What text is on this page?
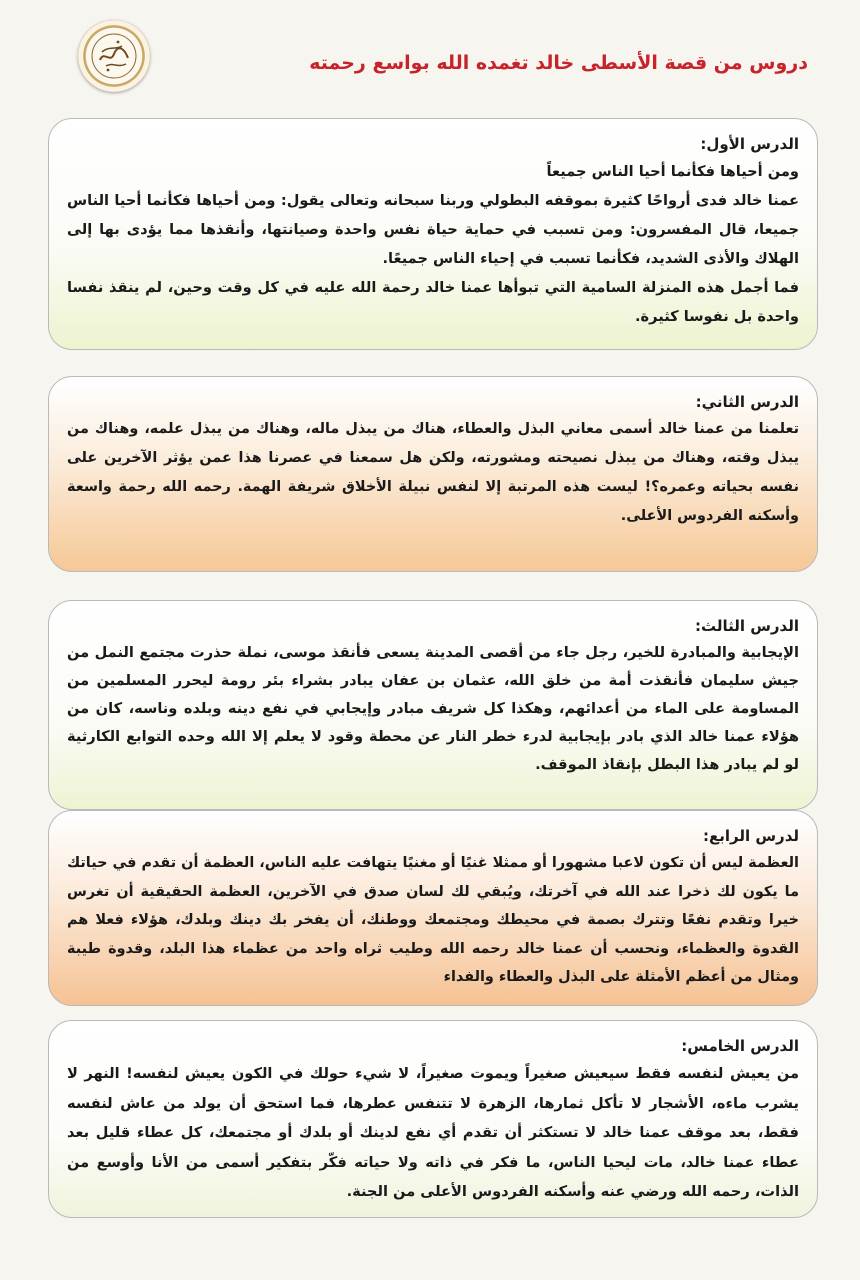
دروس من قصة الأسطى خالد تغمده الله بواسع رحمته
الدرس الأول:
ومن أحياها فكأنما أحيا الناس جميعاً
عمنا خالد فدى أرواحًا كثيرة بموقفه البطولي وربنا سبحانه وتعالى يقول: ومن أحياها فكأنما أحيا الناس جميعا، قال المفسرون: ومن تسبب في حماية حياة نفس واحدة وصيانتها، وأنقذها مما يؤدى بها إلى الهلاك والأذى الشديد، فكأنما تسبب في إحياء الناس جميعًا.
فما أجمل هذه المنزلة السامية التي تبوأها عمنا خالد رحمة الله عليه في كل وقت وحين، لم ينقذ نفسا واحدة بل نفوسا كثيرة.
الدرس الثاني:
تعلمنا من عمنا خالد أسمى معاني البذل والعطاء، هناك من يبذل ماله، وهناك من يبذل علمه، وهناك من يبذل وقته، وهناك من يبذل نصيحته ومشورته، ولكن هل سمعنا في عصرنا هذا عمن يؤثر الآخرين على نفسه بحياته وعمره؟! ليست هذه المرتبة إلا لنفس نبيلة الأخلاق شريفة الهمة. رحمه الله رحمة واسعة وأسكنه الفردوس الأعلى.
الدرس الثالث:
الإيجابية والمبادرة للخير، رجل جاء من أقصى المدينة يسعى فأنقذ موسى، نملة حذرت مجتمع النمل من جيش سليمان فأنقذت أمة من خلق الله، عثمان بن عفان يبادر بشراء بئر رومة ليحرر المسلمين من المساومة على الماء من أعدائهم، وهكذا كل شريف مبادر وإيجابي في نفع دينه وبلده وناسه، كان من هؤلاء عمنا خالد الذي بادر بإيجابية لدرء خطر النار عن محطة وقود لا يعلم إلا الله وحده التوابع الكارثية لو لم يبادر هذا البطل بإنقاذ الموقف.
لدرس الرابع:
العظمة ليس أن تكون لاعبا مشهورا أو ممثلا غنيًا أو مغنيًا يتهافت عليه الناس، العظمة أن تقدم في حياتك ما يكون لك ذخرا عند الله في آخرتك، ويُبقي لك لسان صدق في الآخرين، العظمة الحقيقية أن تغرس خيرا وتقدم نفعًا وتترك بصمة في محيطك ومجتمعك ووطنك، أن يفخر بك دينك وبلدك، هؤلاء فعلا هم القدوة والعظماء، ونحسب أن عمنا خالد رحمه الله وطيب ثراه واحد من عظماء هذا البلد، وقدوة طيبة ومثال من أعظم الأمثلة على البذل والعطاء والفداء
الدرس الخامس:
من يعيش لنفسه فقط سيعيش صغيراً ويموت صغيراً، لا شيء حولك في الكون يعيش لنفسه! النهر لا يشرب ماءه، الأشجار لا تأكل ثمارها، الزهرة لا تتنفس عطرها، فما استحق أن يولد من عاش لنفسه فقط، بعد موقف عمنا خالد لا تستكثر أن تقدم أي نفع لدينك أو بلدك أو مجتمعك، كل عطاء قليل بعد عطاء عمنا خالد، مات ليحيا الناس، ما فكر في ذاته ولا حياته فكّر بتفكير أسمى من الأنا وأوسع من الذات، رحمه الله ورضي عنه وأسكنه الفردوس الأعلى من الجنة.
